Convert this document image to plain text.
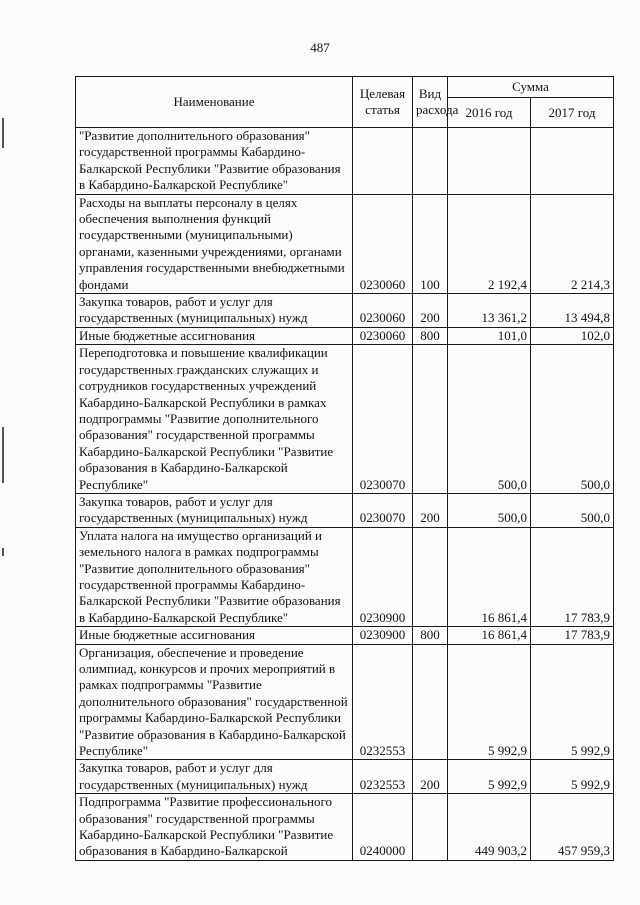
487
Наименование	Целевая статья	Вид расхода	Сумма	
			2016 год	2017 год
"Развитие дополнительного образования" государственной программы Кабардино-Балкарской Республики "Развитие образования в Кабардино-Балкарской Республике"				
Расходы на выплаты персоналу в целях обеспечения выполнения функций государственными (муниципальными) органами, казенными учреждениями, органами управления государственными внебюджетными фондами	0230060	100	2 192,4	2 214,3
Закупка товаров, работ и услуг для государственных (муниципальных) нужд	0230060	200	13 361,2	13 494,8
Иные бюджетные ассигнования	0230060	800	101,0	102,0
Переподготовка и повышение квалификации государственных гражданских служащих и сотрудников государственных учреждений Кабардино-Балкарской Республики в рамках подпрограммы "Развитие дополнительного образования" государственной программы Кабардино-Балкарской Республики "Развитие образования в Кабардино-Балкарской Республике"	0230070		500,0	500,0
Закупка товаров, работ и услуг для государственных (муниципальных) нужд	0230070	200	500,0	500,0
Уплата налога на имущество организаций и земельного налога в рамках подпрограммы "Развитие дополнительного образования" государственной программы Кабардино-Балкарской Республики "Развитие образования в Кабардино-Балкарской Республике"	0230900		16 861,4	17 783,9
Иные бюджетные ассигнования	0230900	800	16 861,4	17 783,9
Организация, обеспечение и проведение олимпиад, конкурсов и прочих мероприятий в рамках подпрограммы "Развитие дополнительного образования" государственной программы Кабардино-Балкарской Республики "Развитие образования в Кабардино-Балкарской Республике"	0232553		5 992,9	5 992,9
Закупка товаров, работ и услуг для государственных (муниципальных) нужд	0232553	200	5 992,9	5 992,9
Подпрограмма "Развитие профессионального образования" государственной программы Кабардино-Балкарской Республики "Развитие образования в Кабардино-Балкарской	0240000		449 903,2	457 959,3
